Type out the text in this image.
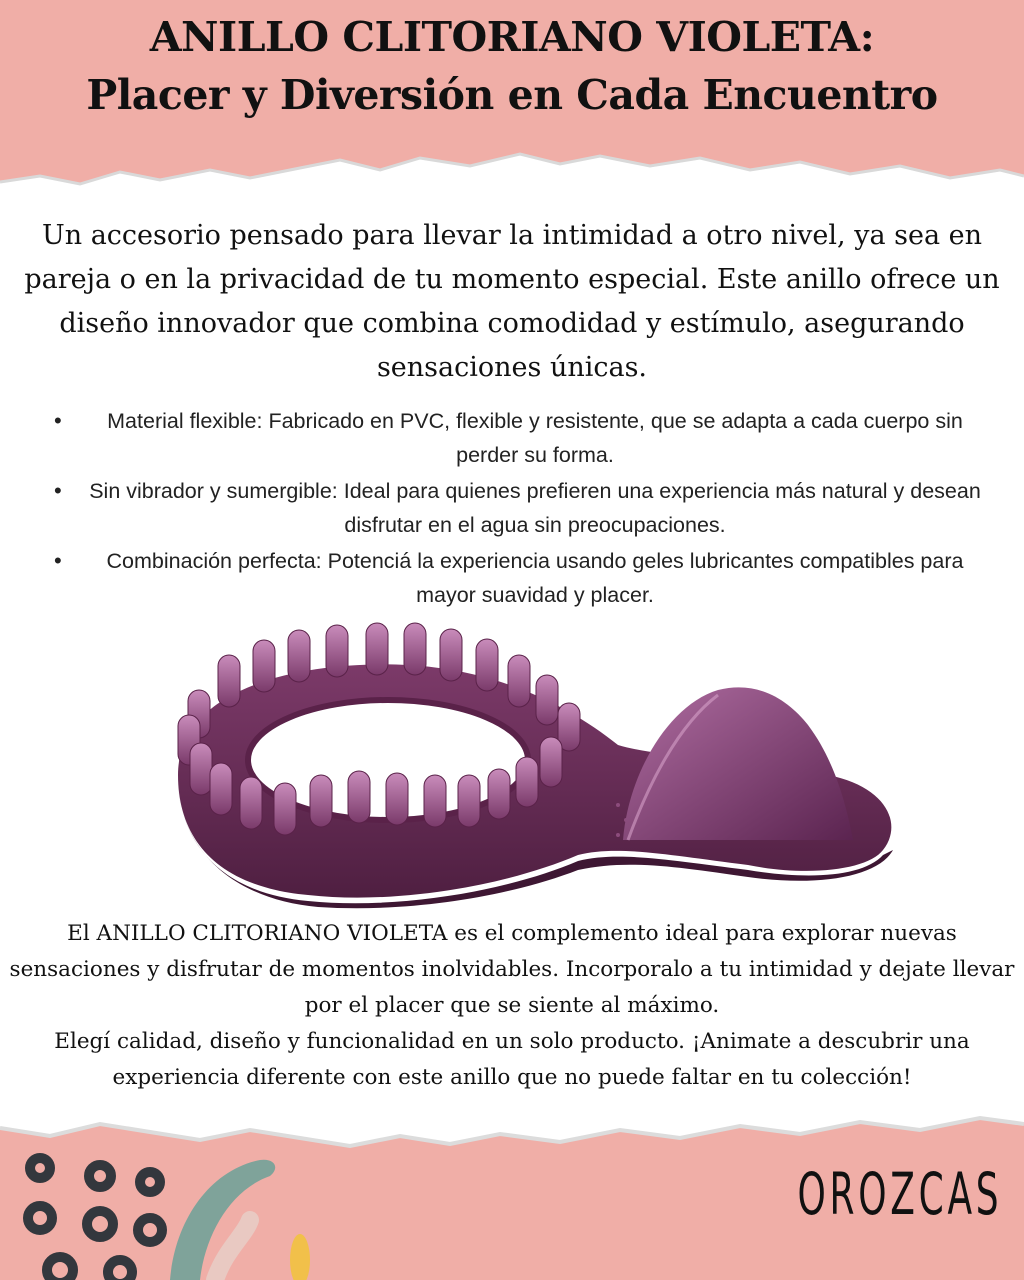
ANILLO CLITORIANO VIOLETA:
Placer y Diversión en Cada Encuentro

Un accesorio pensado para llevar la intimidad a otro nivel, ya sea en pareja o en la privacidad de tu momento especial. Este anillo ofrece un diseño innovador que combina comodidad y estímulo, asegurando sensaciones únicas.

• Material flexible: Fabricado en PVC, flexible y resistente, que se adapta a cada cuerpo sin perder su forma.
• Sin vibrador y sumergible: Ideal para quienes prefieren una experiencia más natural y desean disfrutar en el agua sin preocupaciones.
• Combinación perfecta: Potenciá la experiencia usando geles lubricantes compatibles para mayor suavidad y placer.

El ANILLO CLITORIANO VIOLETA es el complemento ideal para explorar nuevas sensaciones y disfrutar de momentos inolvidables. Incorporalo a tu intimidad y dejate llevar por el placer que se siente al máximo.
Elegí calidad, diseño y funcionalidad en un solo producto. ¡Animate a descubrir una experiencia diferente con este anillo que no puede faltar en tu colección!

OROZCAS
